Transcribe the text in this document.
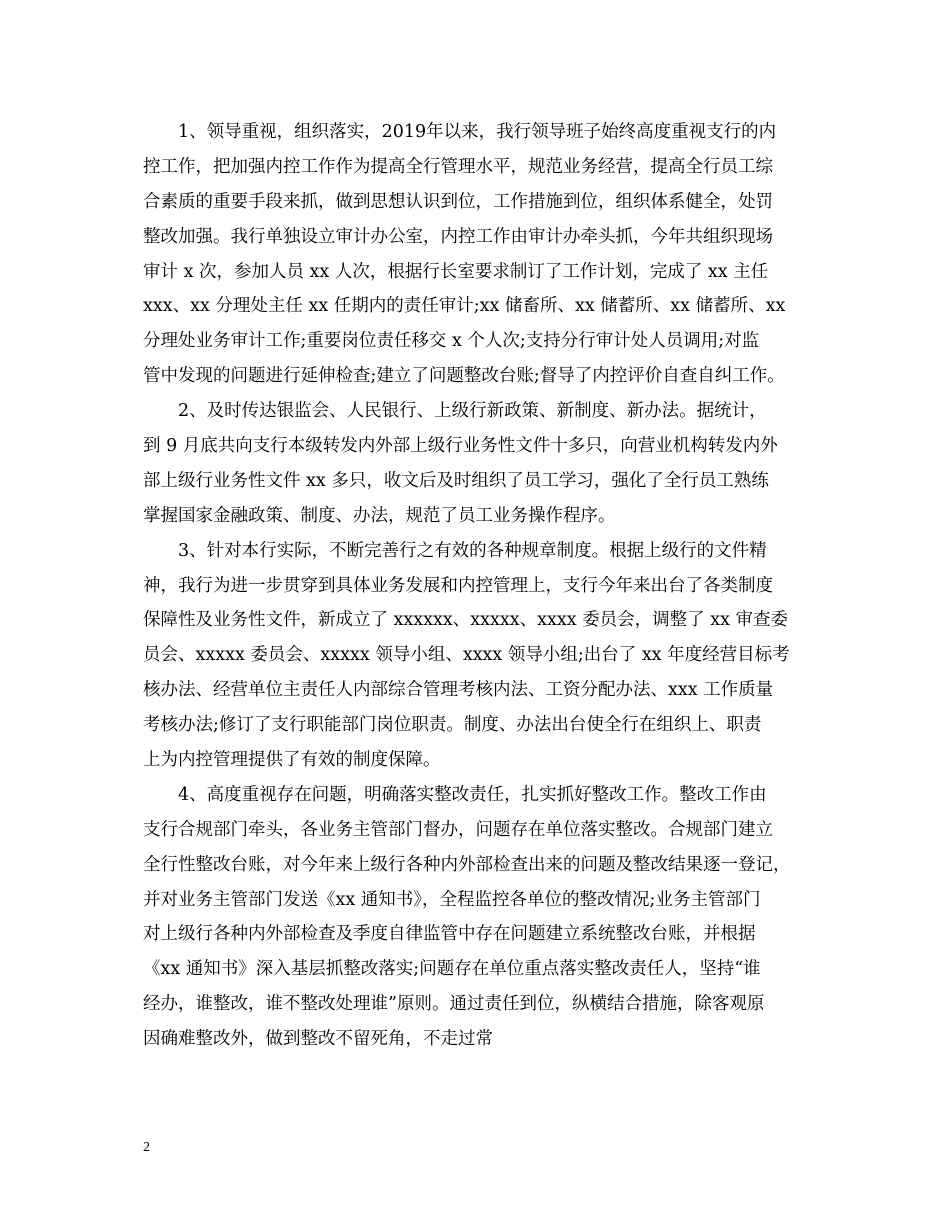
　　1、领导重视，组织落实，2019年以来，我行领导班子始终高度重视支行的内
控工作，把加强内控工作作为提高全行管理水平，规范业务经营，提高全行员工综
合素质的重要手段来抓，做到思想认识到位，工作措施到位，组织体系健全，处罚
整改加强。我行单独设立审计办公室，内控工作由审计办牵头抓，今年共组织现场
审计 x 次，参加人员 xx 人次，根据行长室要求制订了工作计划，完成了 xx 主任
xxx、xx 分理处主任 xx 任期内的责任审计;xx 储畜所、xx 储蓄所、xx 储蓄所、xx
分理处业务审计工作;重要岗位责任移交 x 个人次;支持分行审计处人员调用;对监
管中发现的问题进行延伸检查;建立了问题整改台账;督导了内控评价自查自纠工作。
　　2、及时传达银监会、人民银行、上级行新政策、新制度、新办法。据统计，
到 9 月底共向支行本级转发内外部上级行业务性文件十多只，向营业机构转发内外
部上级行业务性文件 xx 多只，收文后及时组织了员工学习，强化了全行员工熟练
掌握国家金融政策、制度、办法，规范了员工业务操作程序。
　　3、针对本行实际，不断完善行之有效的各种规章制度。根据上级行的文件精
神，我行为进一步贯穿到具体业务发展和内控管理上，支行今年来出台了各类制度
保障性及业务性文件，新成立了 xxxxxx、xxxxx、xxxx 委员会，调整了 xx 审查委
员会、xxxxx 委员会、xxxxx 领导小组、xxxx 领导小组;出台了 xx 年度经营目标考
核办法、经营单位主责任人内部综合管理考核内法、工资分配办法、xxx 工作质量
考核办法;修订了支行职能部门岗位职责。制度、办法出台使全行在组织上、职责
上为内控管理提供了有效的制度保障。
　　4、高度重视存在问题，明确落实整改责任，扎实抓好整改工作。整改工作由
支行合规部门牵头，各业务主管部门督办，问题存在单位落实整改。合规部门建立
全行性整改台账，对今年来上级行各种内外部检查出来的问题及整改结果逐一登记，
并对业务主管部门发送《xx 通知书》，全程监控各单位的整改情况;业务主管部门
对上级行各种内外部检查及季度自律监管中存在问题建立系统整改台账，并根据
《xx 通知书》深入基层抓整改落实;问题存在单位重点落实整改责任人，坚持“谁
经办，谁整改，谁不整改处理谁”原则。通过责任到位，纵横结合措施，除客观原
因确难整改外，做到整改不留死角，不走过常
2
